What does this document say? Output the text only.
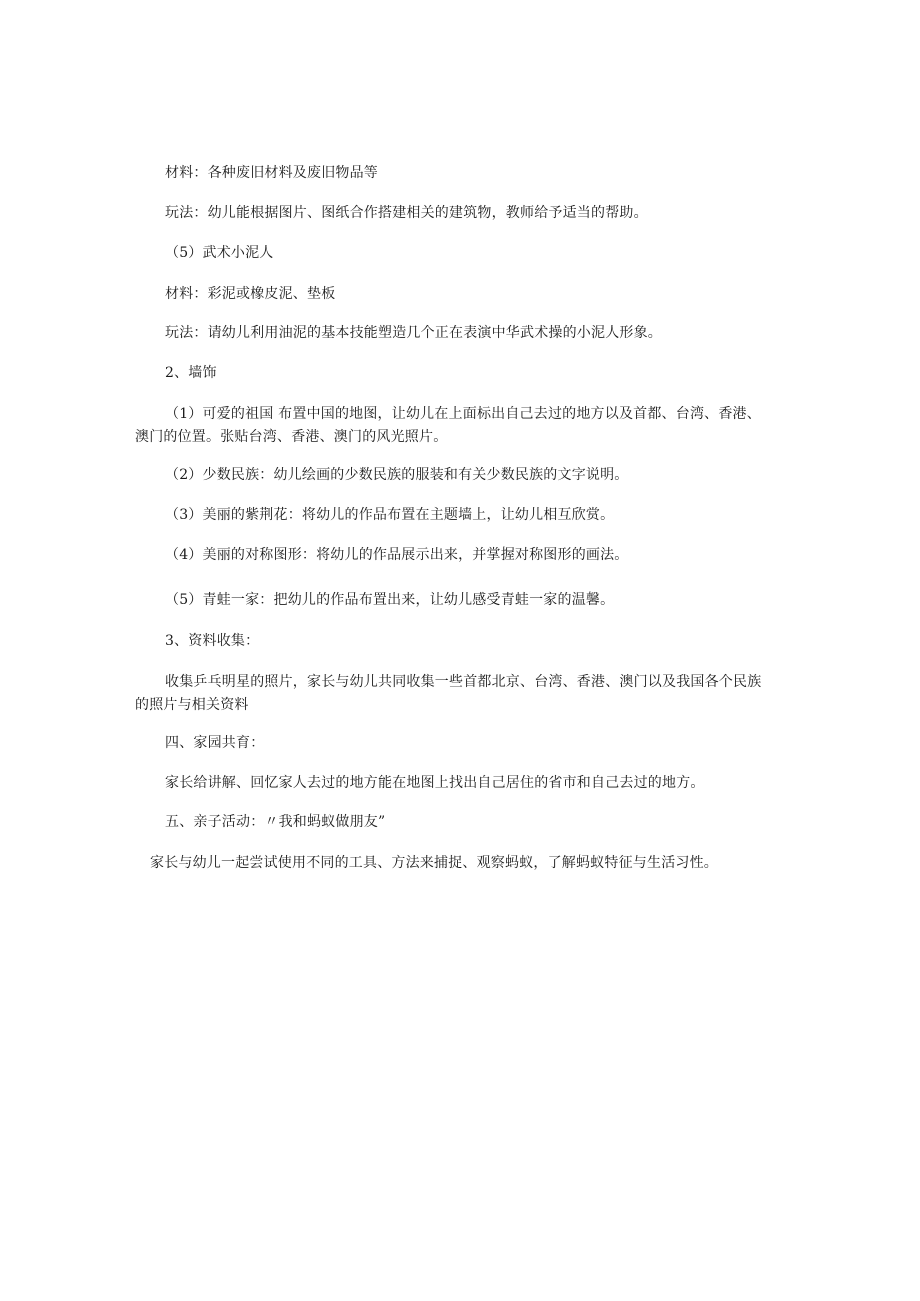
材料：各种废旧材料及废旧物品等
玩法：幼儿能根据图片、图纸合作搭建相关的建筑物，教师给予适当的帮助。
（5）武术小泥人
材料：彩泥或橡皮泥、垫板
玩法：请幼儿利用油泥的基本技能塑造几个正在表演中华武术操的小泥人形象。
2、墙饰
（1）可爱的祖国 布置中国的地图，让幼儿在上面标出自己去过的地方以及首都、台湾、香港、
澳门的位置。张贴台湾、香港、澳门的风光照片。
（2）少数民族：幼儿绘画的少数民族的服装和有关少数民族的文字说明。
（3）美丽的紫荆花：将幼儿的作品布置在主题墙上，让幼儿相互欣赏。
（4）美丽的对称图形：将幼儿的作品展示出来，并掌握对称图形的画法。
（5）青蛙一家：把幼儿的作品布置出来，让幼儿感受青蛙一家的温馨。
3、资料收集：
收集乒乓明星的照片，家长与幼儿共同收集一些首都北京、台湾、香港、澳门以及我国各个民族
的照片与相关资料
四、家园共育：
家长给讲解、回忆家人去过的地方能在地图上找出自己居住的省市和自己去过的地方。
五、亲子活动：〃我和蚂蚁做朋友”
家长与幼儿一起尝试使用不同的工具、方法来捕捉、观察蚂蚁，了解蚂蚁特征与生活习性。
